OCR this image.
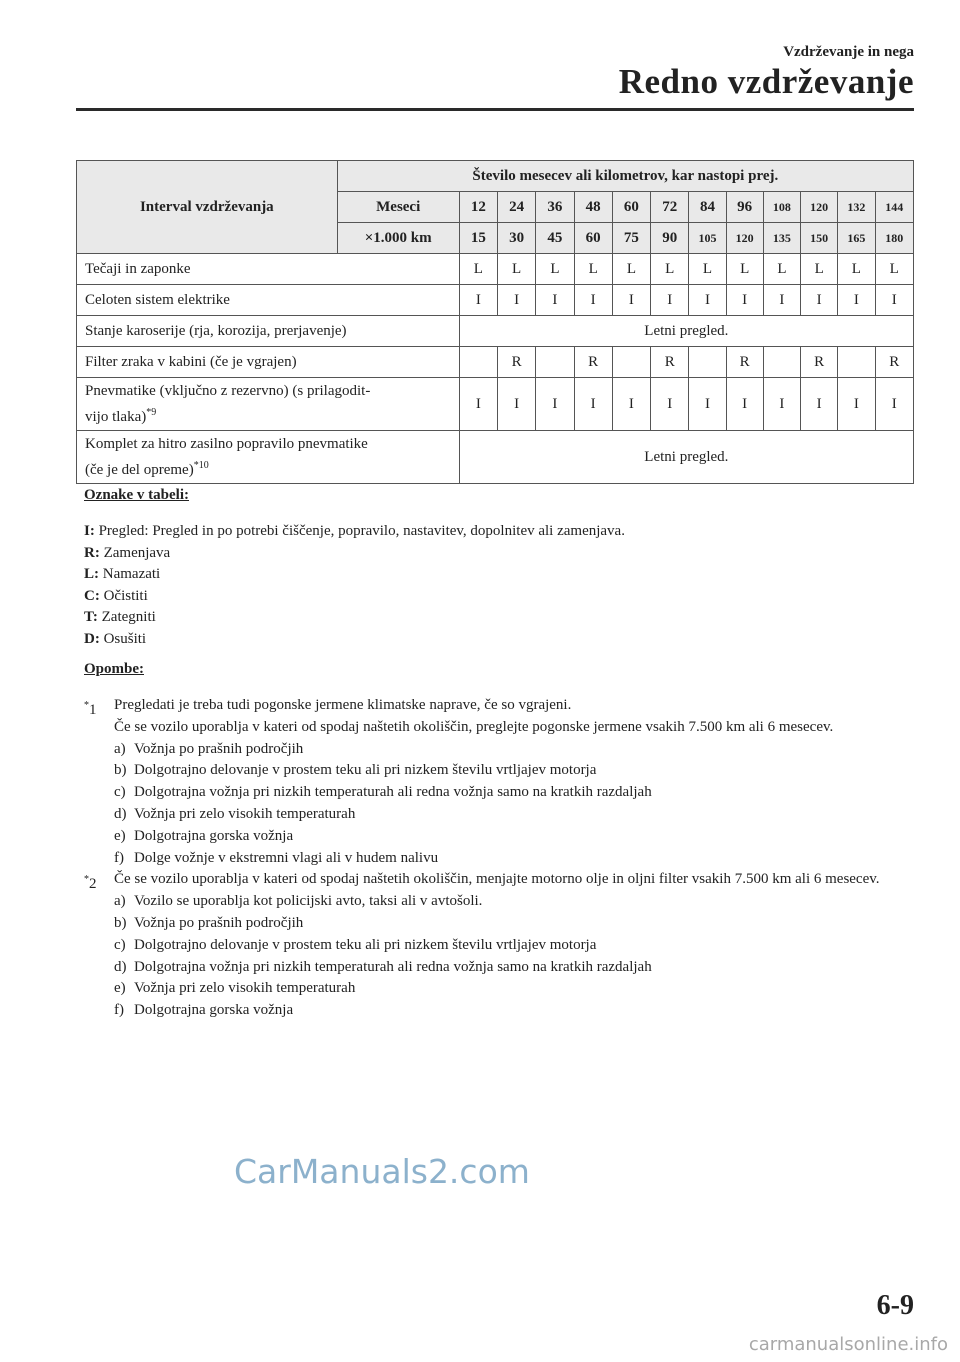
Vzdrževanje in nega
Redno vzdrževanje
Interval vzdrževanja	Število mesecev ali kilometrov, kar nastopi prej.												
	Meseci	12	24	36	48	60	72	84	96	108	120	132	144
	×1.000 km	15	30	45	60	75	90	105	120	135	150	165	180
Tečaji in zaponke		L	L	L	L	L	L	L	L	L	L	L	L
Celoten sistem elektrike		I	I	I	I	I	I	I	I	I	I	I	I
Stanje karoserije (rja, korozija, prerjavenje)		Letni pregled.											
Filter zraka v kabini (če je vgrajen)			R		R		R		R		R		R
Pnevmatike (vključno z rezervno) (s prilagodit-
vijo tlaka)$^{*9}$		I	I	I	I	I	I	I	I	I	I	I	I
Komplet za hitro zasilno popravilo pnevmatike
(če je del opreme)$^{*10}$		Letni pregled.											
Oznake v tabeli:
I: Pregled: Pregled in po potrebi čiščenje, popravilo, nastavitev, dopolnitev ali zamenjava.
R: Zamenjava
L: Namazati
C: Očistiti
T: Zategniti
D: Osušiti
Opombe:
*1 Pregledati je treba tudi pogonske jermene klimatske naprave, če so vgrajeni.
Če se vozilo uporablja v kateri od spodaj naštetih okoliščin, preglejte pogonske jermene vsakih 7.500 km ali 6 mesecev.
a) Vožnja po prašnih področjih
b) Dolgotrajno delovanje v prostem teku ali pri nizkem številu vrtljajev motorja
c) Dolgotrajna vožnja pri nizkih temperaturah ali redna vožnja samo na kratkih razdaljah
d) Vožnja pri zelo visokih temperaturah
e) Dolgotrajna gorska vožnja
f) Dolge vožnje v ekstremni vlagi ali v hudem nalivu
*2 Če se vozilo uporablja v kateri od spodaj naštetih okoliščin, menjajte motorno olje in oljni filter vsakih 7.500 km ali 6 mesecev.
a) Vozilo se uporablja kot policijski avto, taksi ali v avtošoli.
b) Vožnja po prašnih področjih
c) Dolgotrajno delovanje v prostem teku ali pri nizkem številu vrtljajev motorja
d) Dolgotrajna vožnja pri nizkih temperaturah ali redna vožnja samo na kratkih razdaljah
e) Vožnja pri zelo visokih temperaturah
f) Dolgotrajna gorska vožnja
CarManuals2.com
6-9
carmanualsonline.info
